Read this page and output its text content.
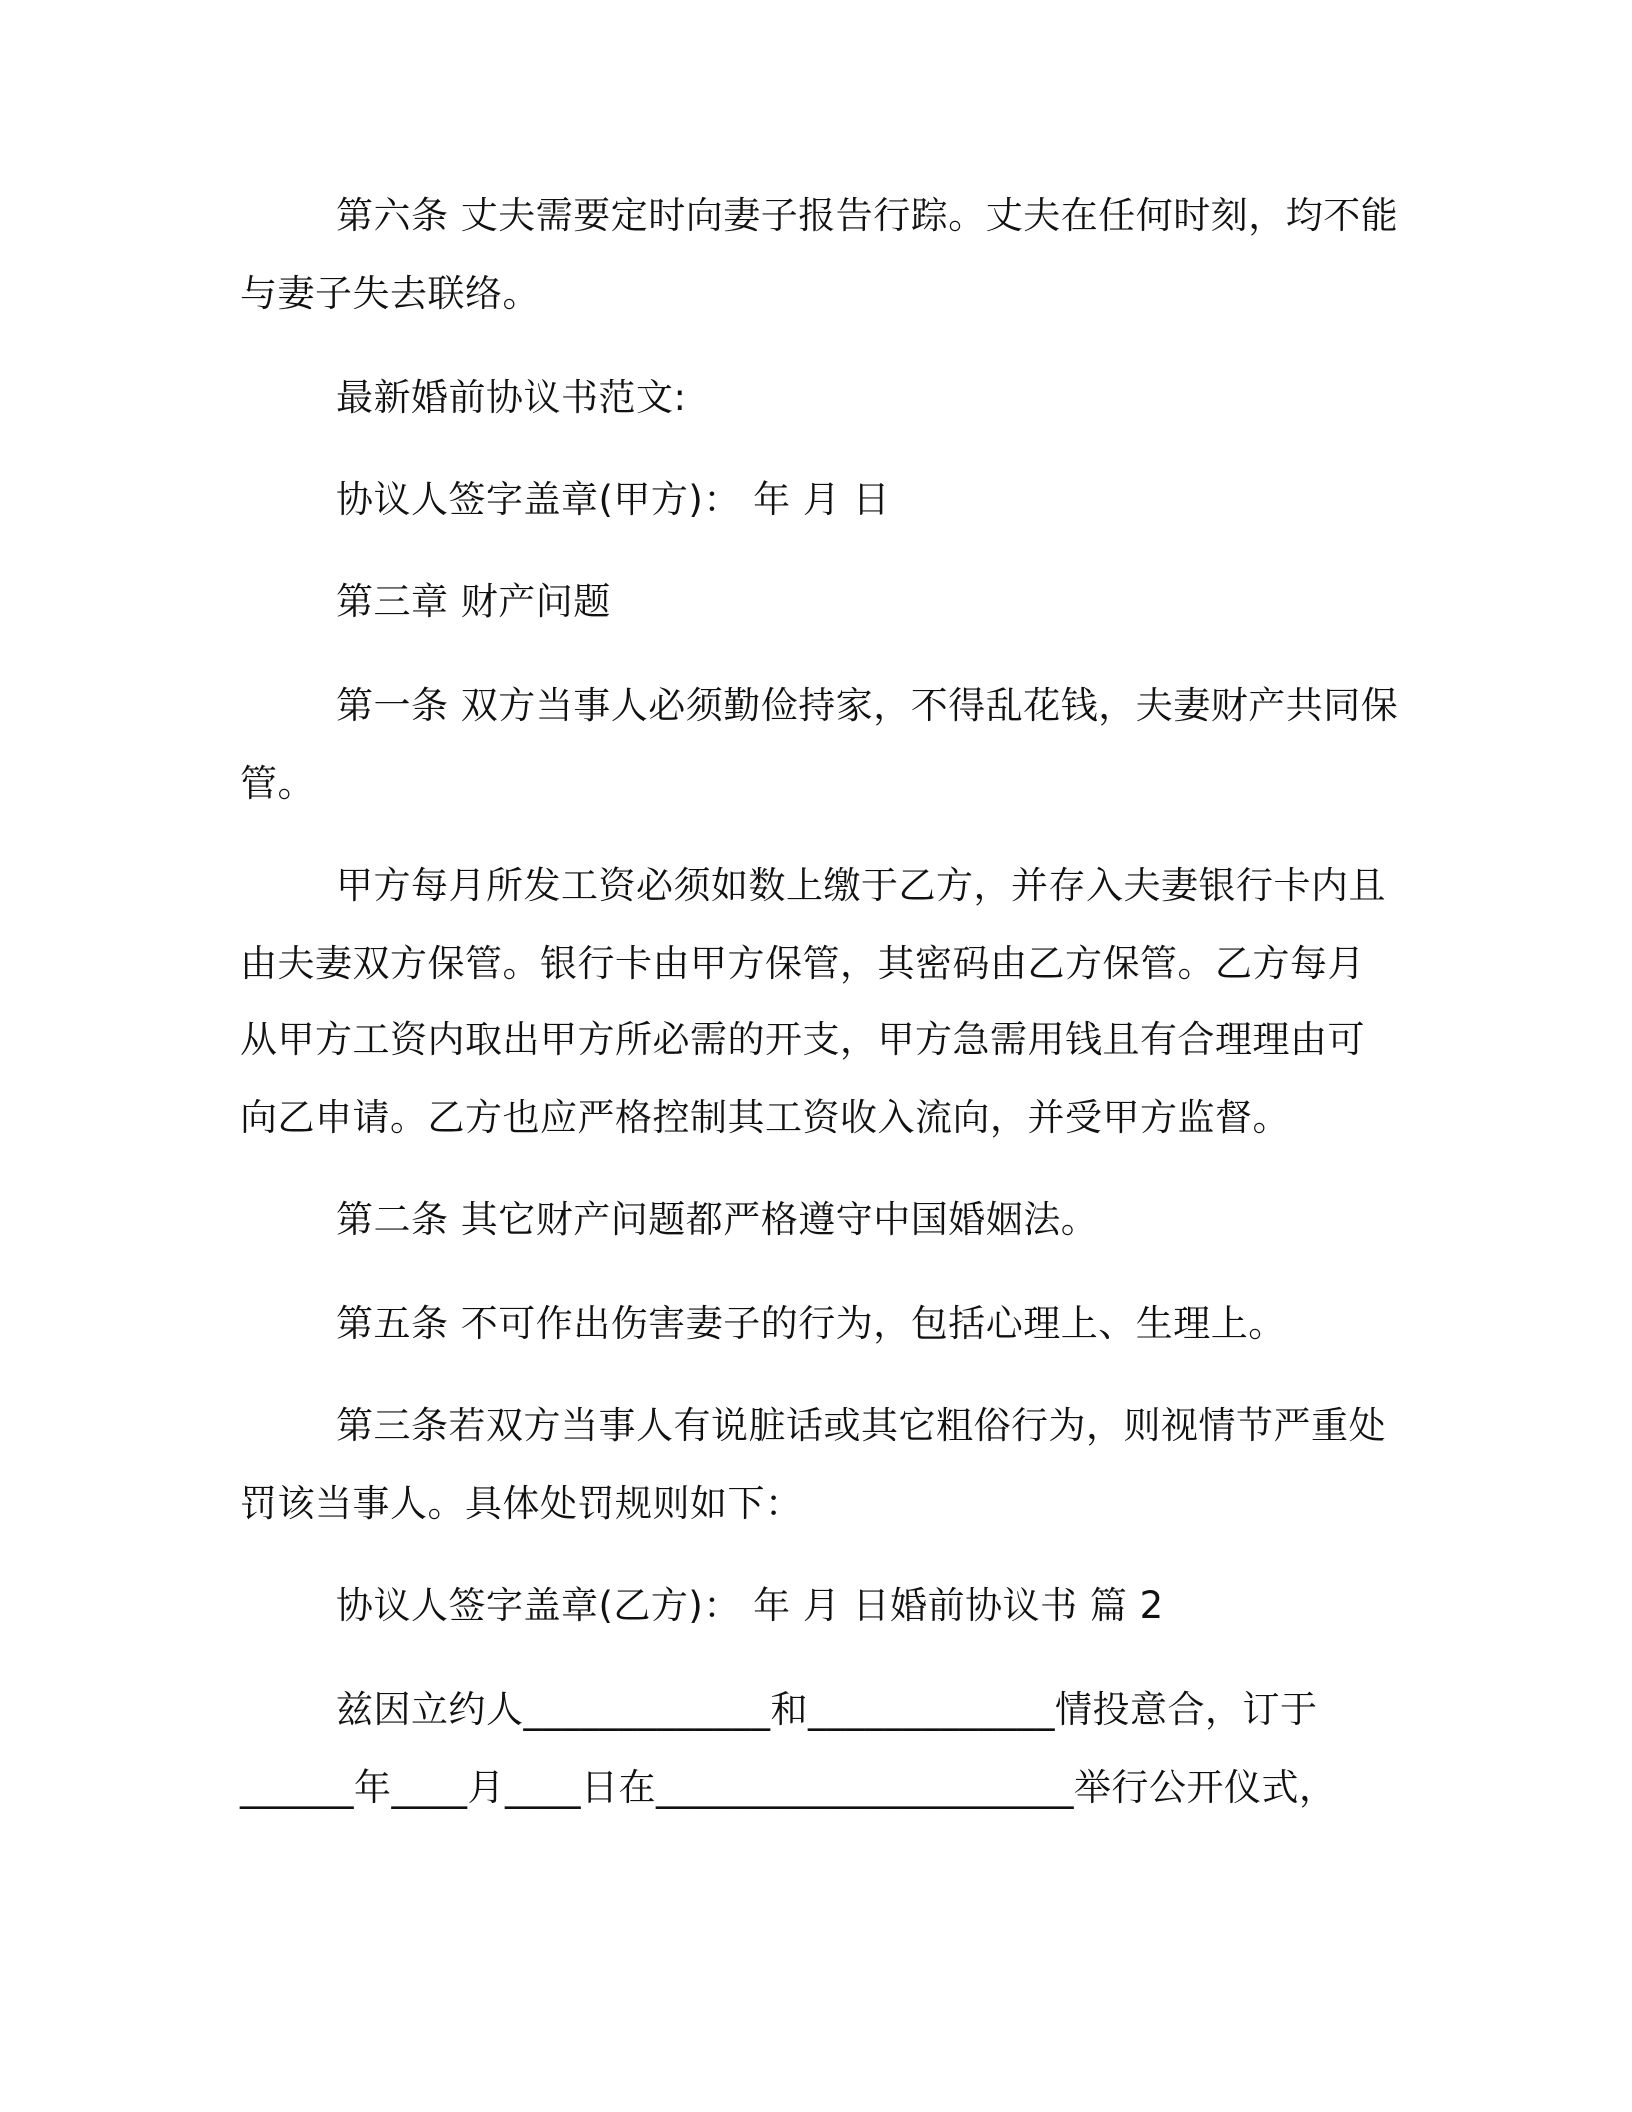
第六条 丈夫需要定时向妻子报告行踪。丈夫在任何时刻，均不能
与妻子失去联络。
最新婚前协议书范文:
协议人签字盖章(甲方)： 年 月 日
第三章 财产问题
第一条 双方当事人必须勤俭持家，不得乱花钱，夫妻财产共同保
管。
甲方每月所发工资必须如数上缴于乙方，并存入夫妻银行卡内且
由夫妻双方保管。银行卡由甲方保管，其密码由乙方保管。乙方每月
从甲方工资内取出甲方所必需的开支，甲方急需用钱且有合理理由可
向乙申请。乙方也应严格控制其工资收入流向，并受甲方监督。
第二条 其它财产问题都严格遵守中国婚姻法。
第五条 不可作出伤害妻子的行为，包括心理上、生理上。
第三条若双方当事人有说脏话或其它粗俗行为，则视情节严重处
罚该当事人。具体处罚规则如下：
协议人签字盖章(乙方)： 年 月 日婚前协议书 篇 2
兹因立约人_____________和_____________情投意合，订于
______年____月____日在______________________举行公开仪式，
